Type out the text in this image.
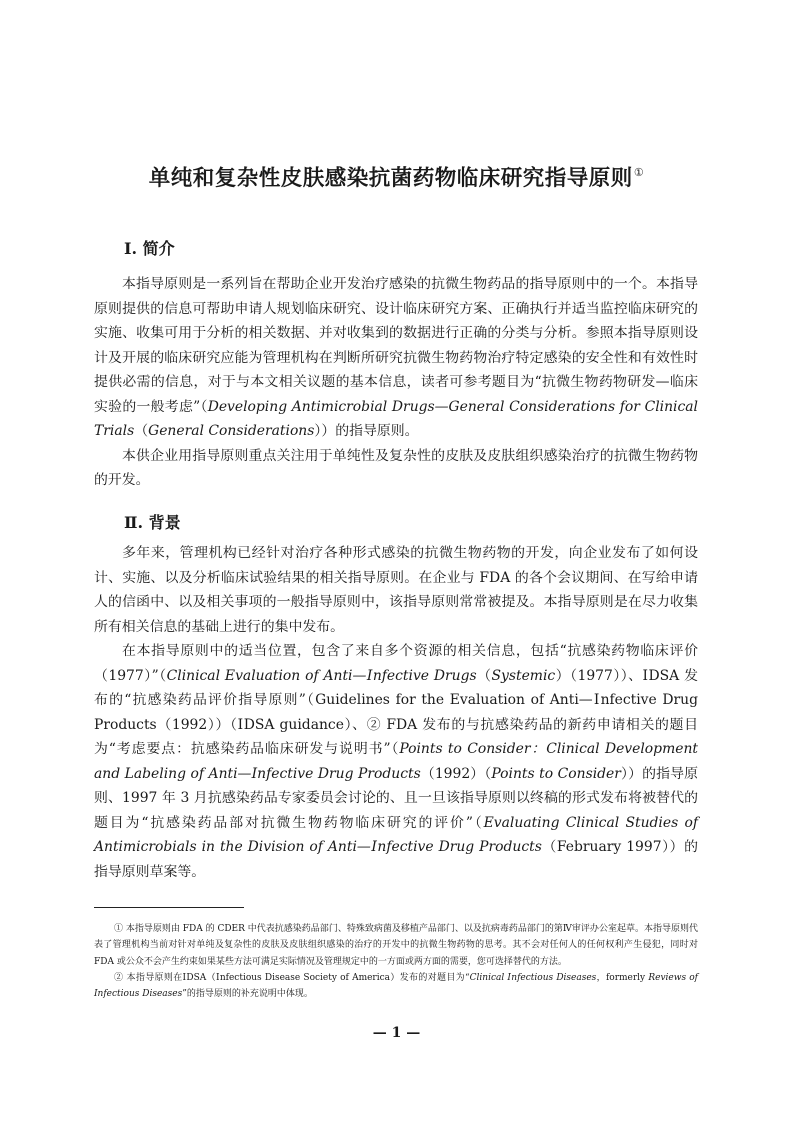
单纯和复杂性皮肤感染抗菌药物临床研究指导原则①
Ⅰ. 简介

本指导原则是一系列旨在帮助企业开发治疗感染的抗微生物药品的指导原则中的一个。本指导原则提供的信息可帮助申请人规划临床研究、设计临床研究方案、正确执行并适当监控临床研究的实施、收集可用于分析的相关数据、并对收集到的数据进行正确的分类与分析。参照本指导原则设计及开展的临床研究应能为管理机构在判断所研究抗微生物药物治疗特定感染的安全性和有效性时提供必需的信息，对于与本文相关议题的基本信息，读者可参考题目为“抗微生物药物研发—临床实验的一般考虑”（Developing Antimicrobial Drugs—General Considerations for Clinical Trials（General Considerations））的指导原则。

本供企业用指导原则重点关注用于单纯性及复杂性的皮肤及皮肤组织感染治疗的抗微生物药物的开发。

Ⅱ. 背景

多年来，管理机构已经针对治疗各种形式感染的抗微生物药物的开发，向企业发布了如何设计、实施、以及分析临床试验结果的相关指导原则。在企业与 FDA 的各个会议期间、在写给申请人的信函中、以及相关事项的一般指导原则中，该指导原则常常被提及。本指导原则是在尽力收集所有相关信息的基础上进行的集中发布。

在本指导原则中的适当位置，包含了来自多个资源的相关信息，包括“抗感染药物临床评价（1977）”（Clinical Evaluation of Anti—Ⅰnfective Drugs（Systemic）（1977））、ⅠDSA 发布的“抗感染药品评价指导原则”（Guidelines for the Evaluation of Anti—Ⅰnfective Drug Products（1992））（ⅠDSA guidance）、② FDA 发布的与抗感染药品的新药申请相关的题目为“考虑要点：抗感染药品临床研发与说明书”（Points to Consider：Clinical Development and Labeling of Anti—Ⅰnfective Drug Products（1992）（Points to Consider））的指导原则、1997 年 3 月抗感染药品专家委员会讨论的、且一旦该指导原则以终稿的形式发布将被替代的题目为“抗感染药品部对抗微生物药物临床研究的评价”（Evaluating Clinical Studies of Antimicrobials in the Division of Anti—Ⅰnfective Drug Products（February 1997））的指导原则草案等。

① 本指导原则由 FDA 的 CDER 中代表抗感染药品部门、特殊致病菌及移植产品部门、以及抗病毒药品部门的第Ⅳ审评办公室起草。本指导原则代表了管理机构当前对针对单纯及复杂性的皮肤及皮肤组织感染的治疗的开发中的抗微生物药物的思考。其不会对任何人的任何权利产生侵犯，同时对 FDA 或公众不会产生约束如果某些方法可满足实际情况及管理规定中的一方面或两方面的需要，您可选择替代的方法。

② 本指导原则在ⅠDSA（Ⅰnfectious Disease Society of America）发布的对题目为“Clinical Ⅰnfectious Diseases，formerly Reviews of Ⅰnfectious Diseases”的指导原则的补充说明中体现。

— 1 —
